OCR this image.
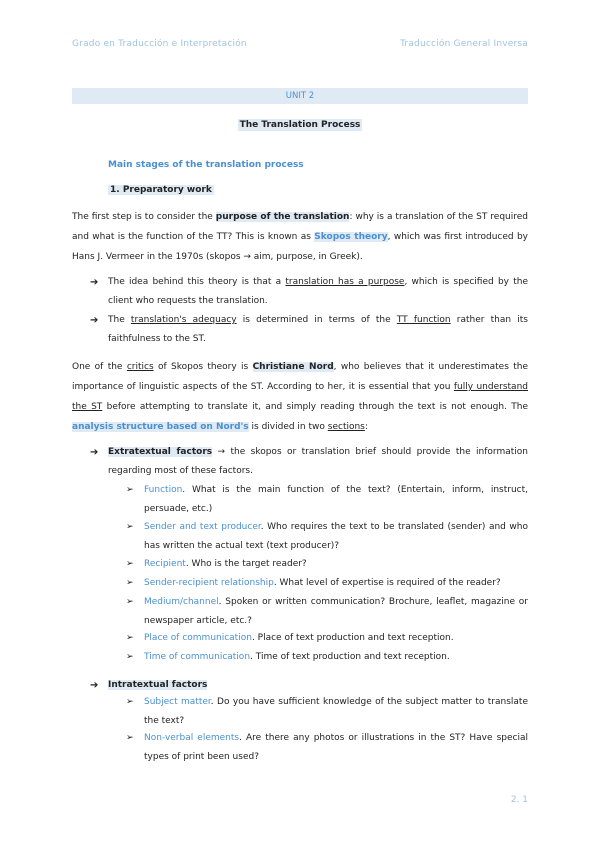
Grado en Traducción e Interpretación	Traducción General Inversa
UNIT 2
The Translation Process
Main stages of the translation process
1. Preparatory work
The first step is to consider the purpose of the translation: why is a translation of the ST required and what is the function of the TT? This is known as Skopos theory, which was first introduced by Hans J. Vermeer in the 1970s (skopos → aim, purpose, in Greek).
➔ The idea behind this theory is that a translation has a purpose, which is specified by the client who requests the translation.
➔ The translation's adequacy is determined in terms of the TT function rather than its faithfulness to the ST.
One of the critics of Skopos theory is Christiane Nord, who believes that it underestimates the importance of linguistic aspects of the ST. According to her, it is essential that you fully understand the ST before attempting to translate it, and simply reading through the text is not enough. The analysis structure based on Nord's is divided in two sections:
➔ Extratextual factors → the skopos or translation brief should provide the information regarding most of these factors.
➢ Function. What is the main function of the text? (Entertain, inform, instruct, persuade, etc.)
➢ Sender and text producer. Who requires the text to be translated (sender) and who has written the actual text (text producer)?
➢ Recipient. Who is the target reader?
➢ Sender-recipient relationship. What level of expertise is required of the reader?
➢ Medium/channel. Spoken or written communication? Brochure, leaflet, magazine or newspaper article, etc.?
➢ Place of communication. Place of text production and text reception.
➢ Time of communication. Time of text production and text reception.
➔ Intratextual factors
➢ Subject matter. Do you have sufficient knowledge of the subject matter to translate the text?
➢ Non-verbal elements. Are there any photos or illustrations in the ST? Have special types of print been used?
2. 1
